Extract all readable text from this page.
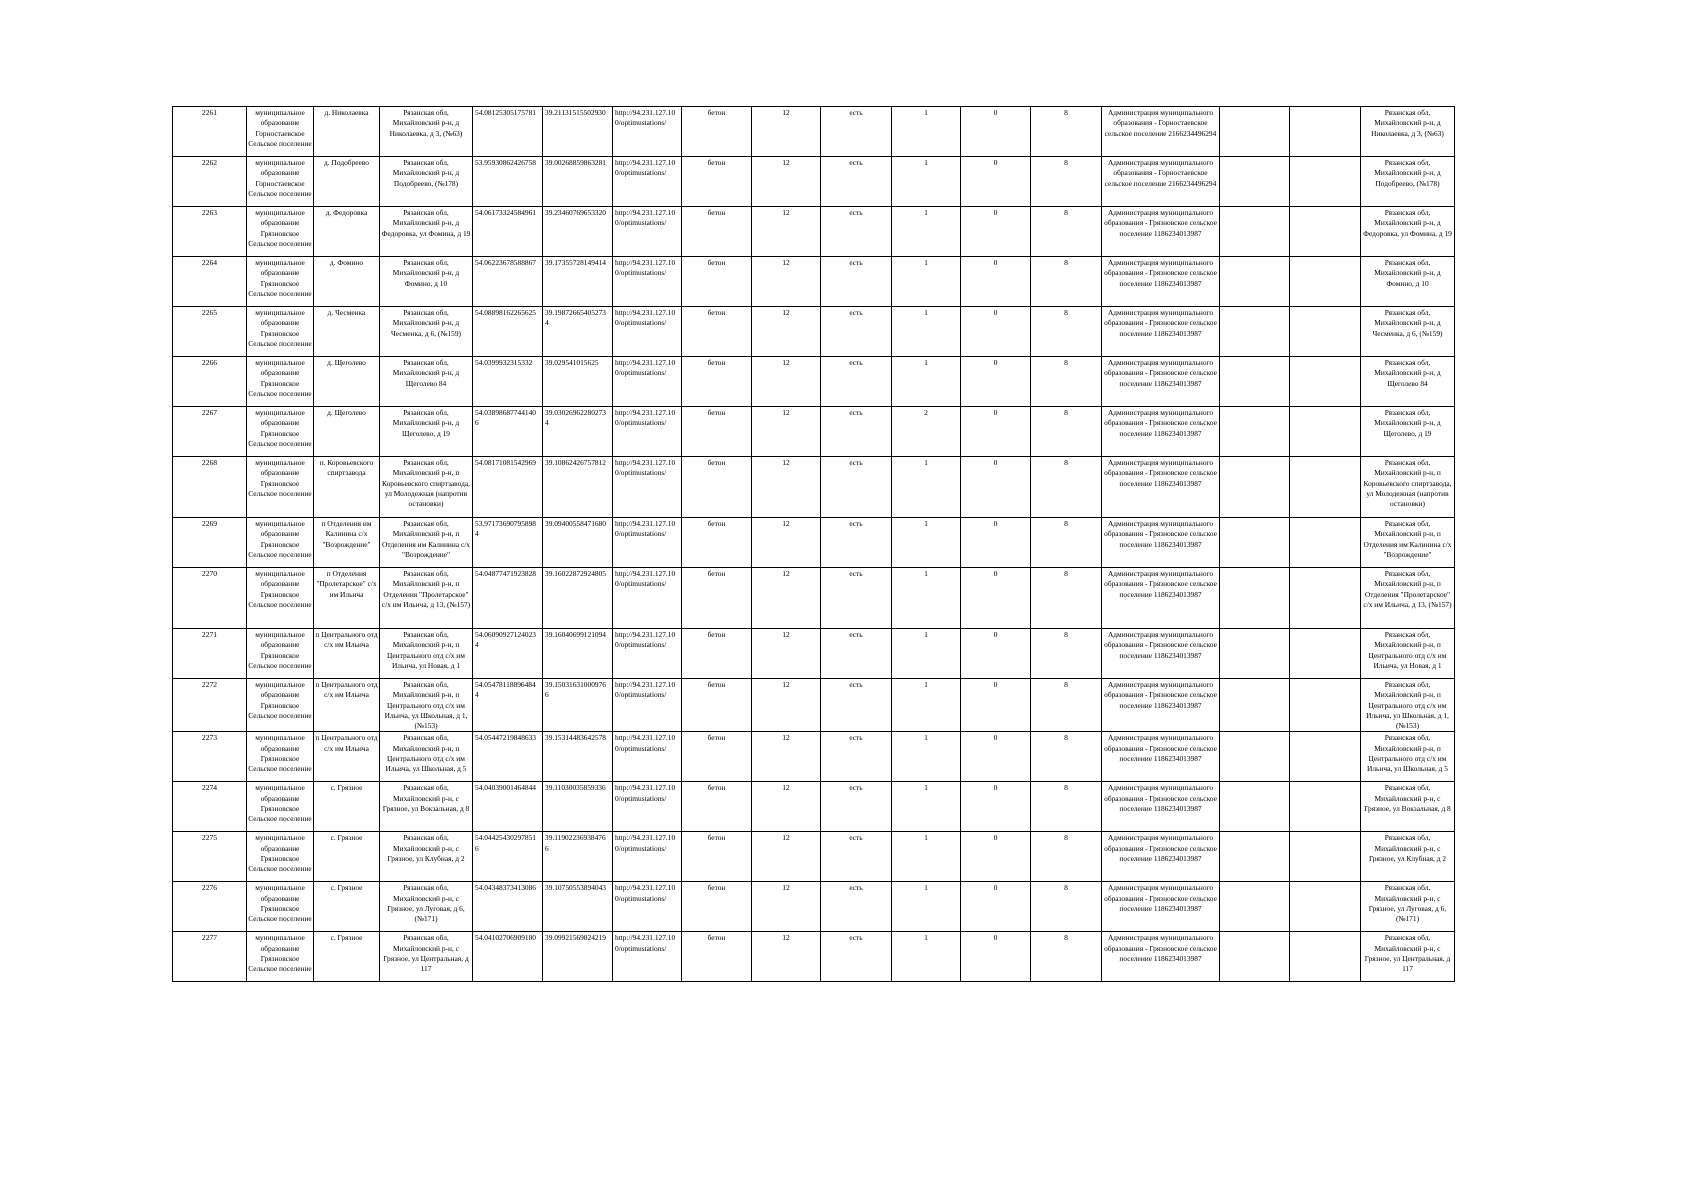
2261	муниципальное образование Горностаевское Сельское поселение	д. Николаевка	Рязанская обл, Михайловский р-н, д Николаевка, д 3, (№63)	54.08125305175781	39.21131515502930	http://94.231.127.10 0/optimustations/	бетон	12	есть	1	0	8	Администрация муниципального образования - Горностаевское сельское поселение 2166234496294			Рязанская обл, Михайловский р-н, д Николаевка, д 3, (№63)
2262	муниципальное образование Горностаевское Сельское поселение	д. Подобреево	Рязанская обл, Михайловский р-н, д Подобреево, (№178)	53.95930862426758	39.00268859863281	http://94.231.127.10 0/optimustations/	бетон	12	есть	1	0	8	Администрация муниципального образования - Горностаевское сельское поселение 2166234496294			Рязанская обл, Михайловский р-н, д Подобреево, (№178)
2263	муниципальное образование Грязновское Сельское поселение	д. Федоровка	Рязанская обл, Михайловский р-н, д Федоровка, ул Фомина, д 19	54.06173324584961	39.23460769653320	http://94.231.127.10 0/optimustations/	бетон	12	есть	1	0	8	Администрация муниципального образования - Грязновское сельское поселение 1186234013987			Рязанская обл, Михайловский р-н, д Федоровка, ул Фомина, д 19
2264	муниципальное образование Грязновское Сельское поселение	д. Фомино	Рязанская обл, Михайловский р-н, д Фомино, д 10	54.06223678588867	39.17355728149414	http://94.231.127.10 0/optimustations/	бетон	12	есть	1	0	8	Администрация муниципального образования - Грязновское сельское поселение 1186234013987			Рязанская обл, Михайловский р-н, д Фомино, д 10
2265	муниципальное образование Грязновское Сельское поселение	д. Чесменка	Рязанская обл, Михайловский р-н, д Чесменка, д 6, (№159)	54.08898162265625	39.19872665405273 4	http://94.231.127.10 0/optimustations/	бетон	12	есть	1	0	8	Администрация муниципального образования - Грязновское сельское поселение 1186234013987			Рязанская обл, Михайловский р-н, д Чесменка, д 6, (№159)
2266	муниципальное образование Грязновское Сельское поселение	д. Щеголево	Рязанская обл, Михайловский р-н, д Щеголево 84	54.0399932315332	39.029541015625	http://94.231.127.10 0/optimustations/	бетон	12	есть	1	0	8	Администрация муниципального образования - Грязновское сельское поселение 1186234013987			Рязанская обл, Михайловский р-н, д Щеголево 84
2267	муниципальное образование Грязновское Сельское поселение	д. Щеголево	Рязанская обл, Михайловский р-н, д Щеголево, д 19	54.03898687744140 6	39.03026962280273 4	http://94.231.127.10 0/optimustations/	бетон	12	есть	2	0	8	Администрация муниципального образования - Грязновское сельское поселение 1186234013987			Рязанская обл, Михайловский р-н, д Щеголево, д 19
2268	муниципальное образование Грязновское Сельское поселение	п. Коровьевского спиртзавода	Рязанская обл, Михайловский р-н, п Коровьевского спиртзавода, ул Молодежная (напротив остановки)	54.08171081542969	39.10862426757812	http://94.231.127.10 0/optimustations/	бетон	12	есть	1	0	8	Администрация муниципального образования - Грязновское сельское поселение 1186234013987			Рязанская обл, Михайловский р-н, п Коровьевского спиртзавода, ул Молодежная (напротив остановки)
2269	муниципальное образование Грязновское Сельское поселение	п Отделения им Калинина с/х "Возрождение"	Рязанская обл, Михайловский р-н, п Отделения им Калинина с/х "Возрождение"	53.97173690795898 4	39.09400558471680	http://94.231.127.10 0/optimustations/	бетон	12	есть	1	0	8	Администрация муниципального образования - Грязновское сельское поселение 1186234013987			Рязанская обл, Михайловский р-н, п Отделения им Калинина с/х "Возрождение"
2270	муниципальное образование Грязновское Сельское поселение	п Отделения "Пролетарское" с/х им Ильича	Рязанская обл, Михайловский р-н, п Отделения "Пролетарское" с/х им Ильича, д 13, (№157)	54.04877471923828	39.16022872924805	http://94.231.127.10 0/optimustations/	бетон	12	есть	1	0	8	Администрация муниципального образования - Грязновское сельское поселение 1186234013987			Рязанская обл, Михайловский р-н, п Отделения "Пролетарское" с/х им Ильича, д 13, (№157)
2271	муниципальное образование Грязновское Сельское поселение	п Центрального отд с/х им Ильича	Рязанская обл, Михайловский р-н, п Центрального отд с/х им Ильича, ул Новая, д 1	54.06090927124023 4	39.16040699121094	http://94.231.127.10 0/optimustations/	бетон	12	есть	1	0	8	Администрация муниципального образования - Грязновское сельское поселение 1186234013987			Рязанская обл, Михайловский р-н, п Центрального отд с/х им Ильича, ул Новая, д 1
2272	муниципальное образование Грязновское Сельское поселение	п Центрального отд с/х им Ильича	Рязанская обл, Михайловский р-н, п Центрального отд с/х им Ильича, ул Школьная, д 1, (№153)	54.05478118896484 4	39.15031631000976 6	http://94.231.127.10 0/optimustations/	бетон	12	есть	1	0	8	Администрация муниципального образования - Грязновское сельское поселение 1186234013987			Рязанская обл, Михайловский р-н, п Центрального отд с/х им Ильича, ул Школьная, д 1, (№153)
2273	муниципальное образование Грязновское Сельское поселение	п Центрального отд с/х им Ильича	Рязанская обл, Михайловский р-н, п Центрального отд с/х им Ильича, ул Школьная, д 5	54.05447219848633	39.15314483642578	http://94.231.127.10 0/optimustations/	бетон	12	есть	1	0	8	Администрация муниципального образования - Грязновское сельское поселение 1186234013987			Рязанская обл, Михайловский р-н, п Центрального отд с/х им Ильича, ул Школьная, д 5
2274	муниципальное образование Грязновское Сельское поселение	с. Грязное	Рязанская обл, Михайловский р-н, с Грязное, ул Вокзальная, д 8	54.04039001464844	39.11030035859336	http://94.231.127.10 0/optimustations/	бетон	12	есть	1	0	8	Администрация муниципального образования - Грязновское сельское поселение 1186234013987			Рязанская обл, Михайловский р-н, с Грязное, ул Вокзальная, д 8
2275	муниципальное образование Грязновское Сельское поселение	с. Грязное	Рязанская обл, Михайловский р-н, с Грязное, ул Клубная, д 2	54.04425430297851 6	39.11902236938476 6	http://94.231.127.10 0/optimustations/	бетон	12	есть	1	0	8	Администрация муниципального образования - Грязновское сельское поселение 1186234013987			Рязанская обл, Михайловский р-н, с Грязное, ул Клубная, д 2
2276	муниципальное образование Грязновское Сельское поселение	с. Грязное	Рязанская обл, Михайловский р-н, с Грязное, ул Луговая, д 6, (№171)	54.04348373413086	39.10750553894043	http://94.231.127.10 0/optimustations/	бетон	12	есть	1	0	8	Администрация муниципального образования - Грязновское сельское поселение 1186234013987			Рязанская обл, Михайловский р-н, с Грязное, ул Луговая, д 6, (№171)
2277	муниципальное образование Грязновское Сельское поселение	с. Грязное	Рязанская обл, Михайловский р-н, с Грязное, ул Центральная, д 117	54.04102706909180	39.09921569824219	http://94.231.127.10 0/optimustations/	бетон	12	есть	1	0	8	Администрация муниципального образования - Грязновское сельское поселение 1186234013987			Рязанская обл, Михайловский р-н, с Грязное, ул Центральная, д 117
